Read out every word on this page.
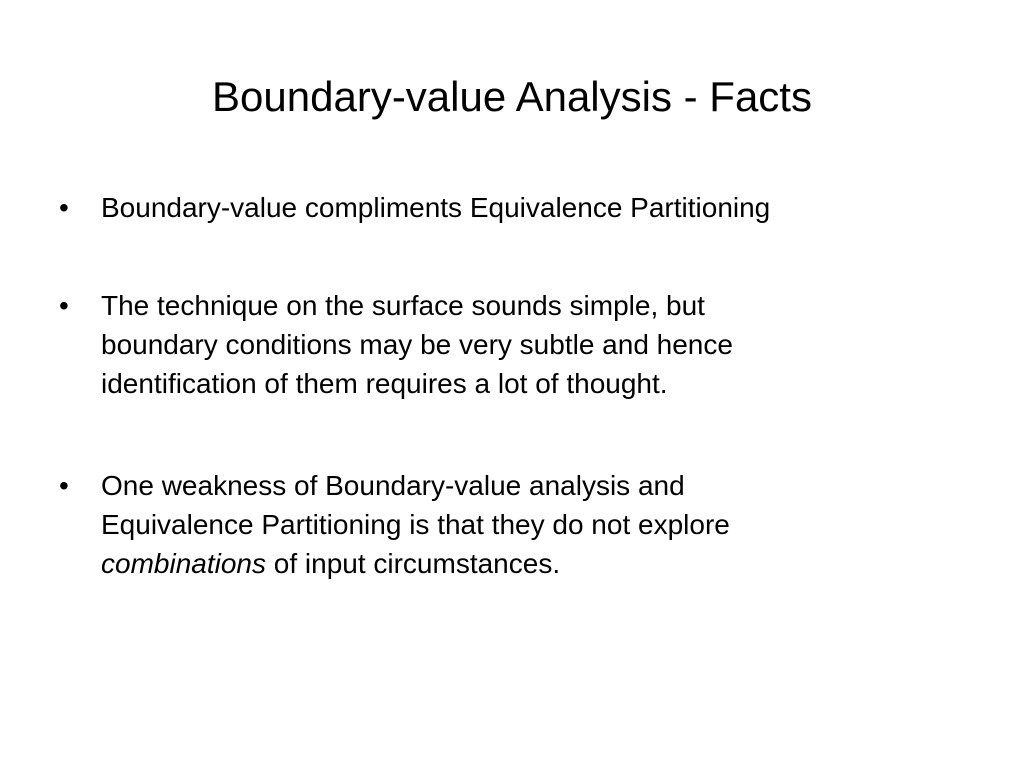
Boundary-value Analysis - Facts
• Boundary-value compliments Equivalence Partitioning
• The technique on the surface sounds simple, but
boundary conditions may be very subtle and hence
identification of them requires a lot of thought.
• One weakness of Boundary-value analysis and
Equivalence Partitioning is that they do not explore
combinations of input circumstances.
